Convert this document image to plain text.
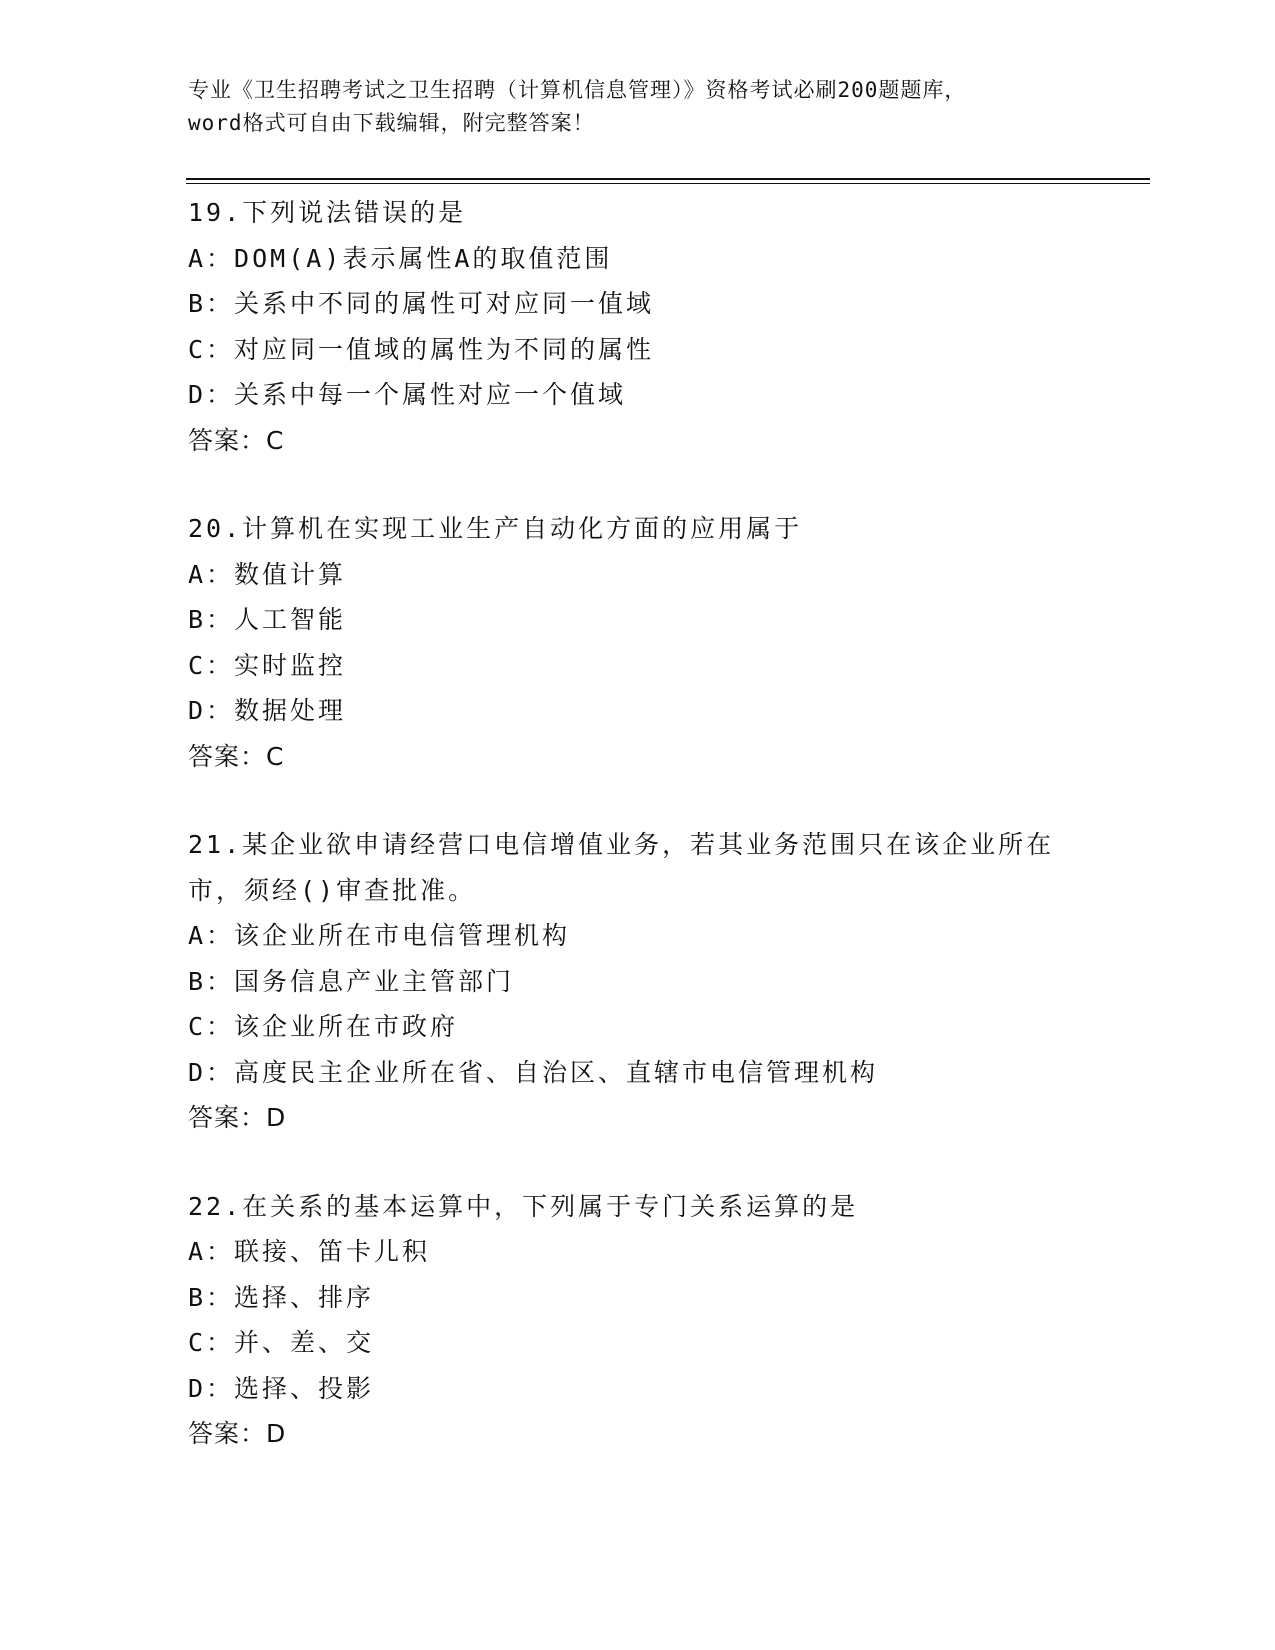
专业《卫生招聘考试之卫生招聘（计算机信息管理）》资格考试必刷200题题库，
word格式可自由下载编辑，附完整答案！
19.下列说法错误的是
A：DOM(A)表示属性A的取值范围
B：关系中不同的属性可对应同一值域
C：对应同一值域的属性为不同的属性
D：关系中每一个属性对应一个值域
答案：C
20.计算机在实现工业生产自动化方面的应用属于
A：数值计算
B：人工智能
C：实时监控
D：数据处理
答案：C
21.某企业欲申请经营口电信增值业务，若其业务范围只在该企业所在
市，须经()审查批准。
A：该企业所在市电信管理机构
B：国务信息产业主管部门
C：该企业所在市政府
D：高度民主企业所在省、自治区、直辖市电信管理机构
答案：D
22.在关系的基本运算中，下列属于专门关系运算的是
A：联接、笛卡儿积
B：选择、排序
C：并、差、交
D：选择、投影
答案：D
